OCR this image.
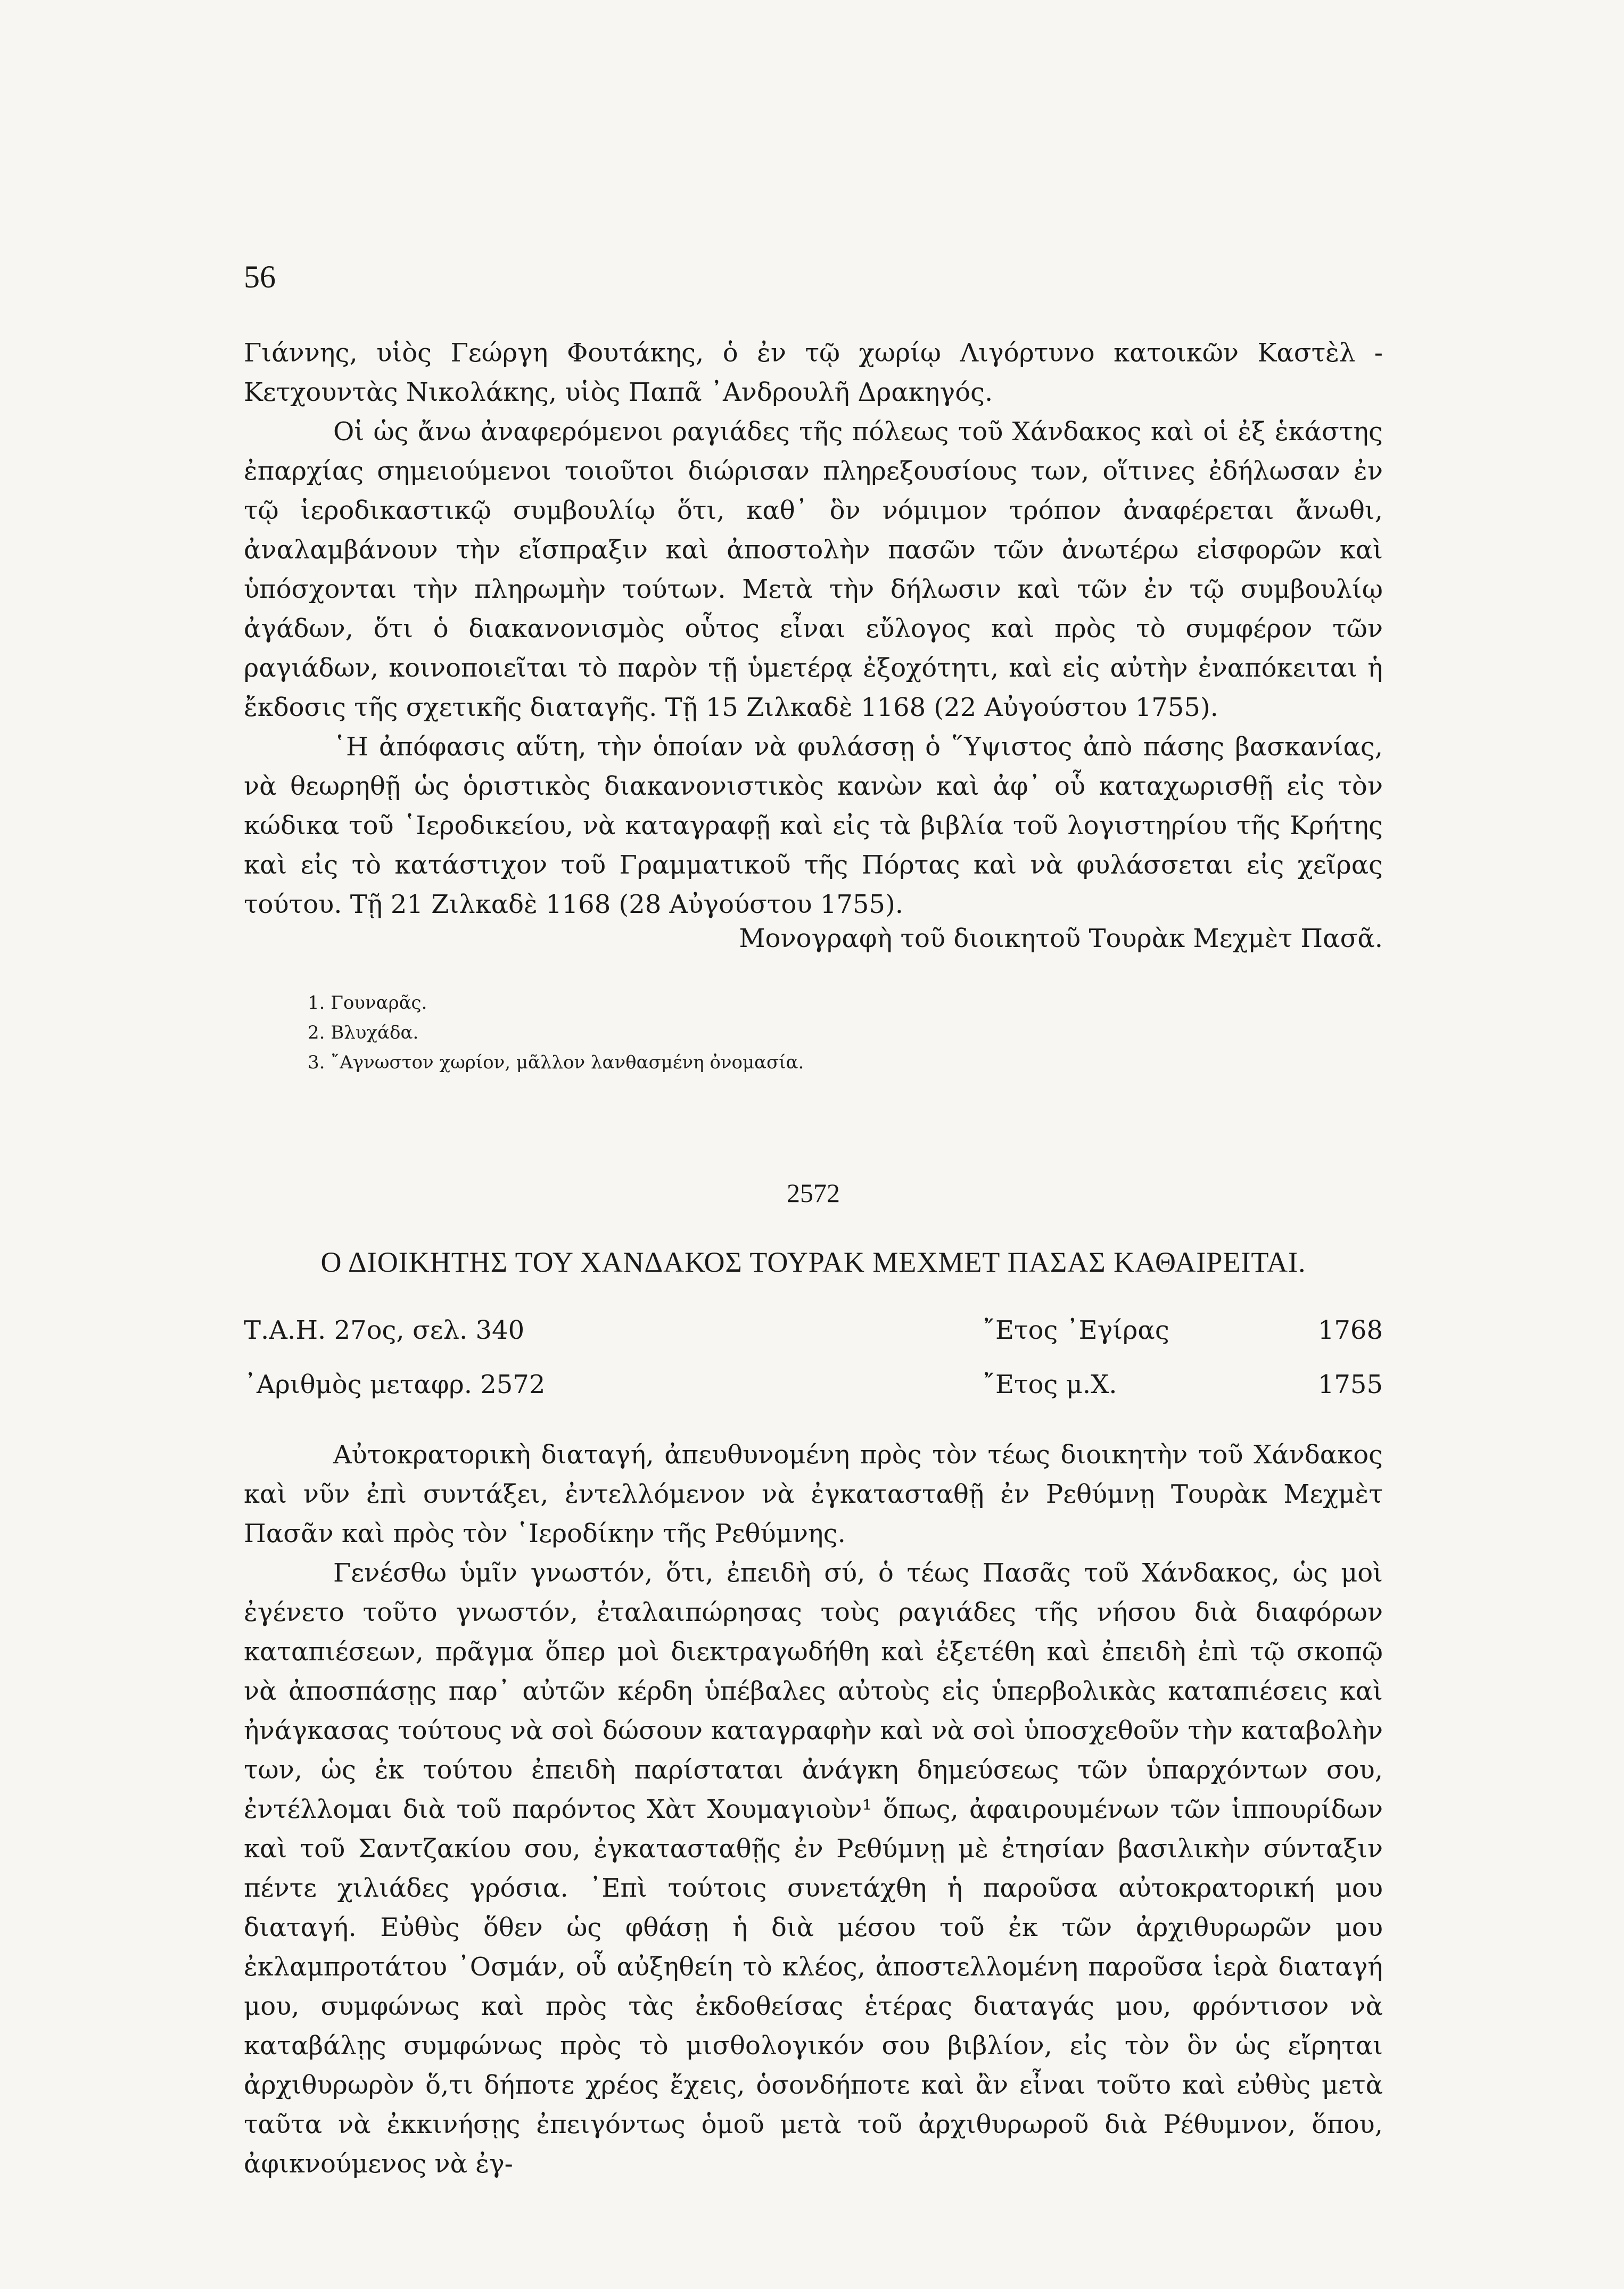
56

Γιάννης, υἱὸς Γεώργη Φουτάκης, ὁ ἐν τῷ χωρίῳ Λιγόρτυνο κατοικῶν Καστὲλ - Κετχουντὰς Νικολάκης, υἱὸς Παπᾶ ᾽Ανδρουλῆ Δρακηγός.

Οἱ ὡς ἄνω ἀναφερόμενοι ραγιάδες τῆς πόλεως τοῦ Χάνδακος καὶ οἱ ἐξ ἑκάστης ἐπαρχίας σημειούμενοι τοιοῦτοι διώρισαν πληρεξουσίους των, οἵτινες ἐδήλωσαν ἐν τῷ ἱεροδικαστικῷ συμβουλίῳ ὅτι, καθ᾽ ὃν νόμιμον τρόπον ἀναφέρεται ἄνωθι, ἀναλαμβάνουν τὴν εἴσπραξιν καὶ ἀποστολὴν πασῶν τῶν ἀνωτέρω εἰσφορῶν καὶ ὑπόσχονται τὴν πληρωμὴν τούτων. Μετὰ τὴν δήλωσιν καὶ τῶν ἐν τῷ συμβουλίῳ ἀγάδων, ὅτι ὁ διακανονισμὸς οὗτος εἶναι εὔλογος καὶ πρὸς τὸ συμφέρον τῶν ραγιάδων, κοινοποιεῖται τὸ παρὸν τῇ ὑμετέρᾳ ἐξοχότητι, καὶ εἰς αὐτὴν ἐναπόκειται ἡ ἔκδοσις τῆς σχετικῆς διαταγῆς. Τῇ 15 Ζιλκαδὲ 1168 (22 Αὐγούστου 1755).

῾Η ἀπόφασις αὕτη, τὴν ὁποίαν νὰ φυλάσσῃ ὁ ῞Υψιστος ἀπὸ πάσης βασκανίας, νὰ θεωρηθῇ ὡς ὁριστικὸς διακανονιστικὸς κανὼν καὶ ἀφ᾽ οὗ καταχωρισθῇ εἰς τὸν κώδικα τοῦ ῾Ιεροδικείου, νὰ καταγραφῇ καὶ εἰς τὰ βιβλία τοῦ λογιστηρίου τῆς Κρήτης καὶ εἰς τὸ κατάστιχον τοῦ Γραμματικοῦ τῆς Πόρτας καὶ νὰ φυλάσσεται εἰς χεῖρας τούτου. Τῇ 21 Ζιλκαδὲ 1168 (28 Αὐγούστου 1755).

Μονογραφὴ τοῦ διοικητοῦ Τουρὰκ Μεχμὲτ Πασᾶ.
1. Γουναρᾶς.
2. Βλυχάδα.
3. ῎Αγνωστον χωρίον, μᾶλλον λανθασμένη ὀνομασία.
2572
Ο ΔΙΟΙΚΗΤΗΣ ΤΟΥ ΧΑΝΔΑΚΟΣ ΤΟΥΡΑΚ ΜΕΧΜΕΤ ΠΑΣΑΣ ΚΑΘΑΙΡΕΙΤΑΙ.
Τ.Α.Η. 27ος, σελ. 340	῎Ετος ᾽Εγίρας	1768
᾽Αριθμὸς μεταφρ. 2572	῎Ετος μ.Χ.	1755

Αὐτοκρατορικὴ διαταγή, ἀπευθυνομένη πρὸς τὸν τέως διοικητὴν τοῦ Χάνδακος καὶ νῦν ἐπὶ συντάξει, ἐντελλόμενον νὰ ἐγκατασταθῇ ἐν Ρεθύμνῃ Τουρὰκ Μεχμὲτ Πασᾶν καὶ πρὸς τὸν ῾Ιεροδίκην τῆς Ρεθύμνης.

Γενέσθω ὑμῖν γνωστόν, ὅτι, ἐπειδὴ σύ, ὁ τέως Πασᾶς τοῦ Χάνδακος, ὡς μοὶ ἐγένετο τοῦτο γνωστόν, ἐταλαιπώρησας τοὺς ραγιάδες τῆς νήσου διὰ διαφόρων καταπιέσεων, πρᾶγμα ὅπερ μοὶ διεκτραγωδήθη καὶ ἐξετέθη καὶ ἐπειδὴ ἐπὶ τῷ σκοπῷ νὰ ἀποσπάσῃς παρ᾽ αὐτῶν κέρδη ὑπέβαλες αὐτοὺς εἰς ὑπερβολικὰς καταπιέσεις καὶ ἠνάγκασας τούτους νὰ σοὶ δώσουν καταγραφὴν καὶ νὰ σοὶ ὑποσχεθοῦν τὴν καταβολὴν των, ὡς ἐκ τούτου ἐπειδὴ παρίσταται ἀνάγκη δημεύσεως τῶν ὑπαρχόντων σου, ἐντέλλομαι διὰ τοῦ παρόντος Χὰτ Χουμαγιοὺν¹ ὅπως, ἀφαιρουμένων τῶν ἱππουρίδων καὶ τοῦ Σαντζακίου σου, ἐγκατασταθῇς ἐν Ρεθύμνῃ μὲ ἐτησίαν βασιλικὴν σύνταξιν πέντε χιλιάδες γρόσια. ᾽Επὶ τούτοις συνετάχθη ἡ παροῦσα αὐτοκρατορική μου διαταγή. Εὐθὺς ὅθεν ὡς φθάσῃ ἡ διὰ μέσου τοῦ ἐκ τῶν ἀρχιθυρωρῶν μου ἐκλαμπροτάτου ᾽Οσμάν, οὗ αὐξηθείη τὸ κλέος, ἀποστελλομένη παροῦσα ἱερὰ διαταγή μου, συμφώνως καὶ πρὸς τὰς ἐκδοθείσας ἑτέρας διαταγάς μου, φρόντισον νὰ καταβάλῃς συμφώνως πρὸς τὸ μισθολογικόν σου βιβλίον, εἰς τὸν ὃν ὡς εἴρηται ἀρχιθυρωρὸν ὅ,τι δήποτε χρέος ἔχεις, ὁσονδήποτε καὶ ἂν εἶναι τοῦτο καὶ εὐθὺς μετὰ ταῦτα νὰ ἐκκινήσῃς ἐπειγόντως ὁμοῦ μετὰ τοῦ ἀρχιθυρωροῦ διὰ Ρέθυμνον, ὅπου, ἀφικνούμενος νὰ ἐγ-
